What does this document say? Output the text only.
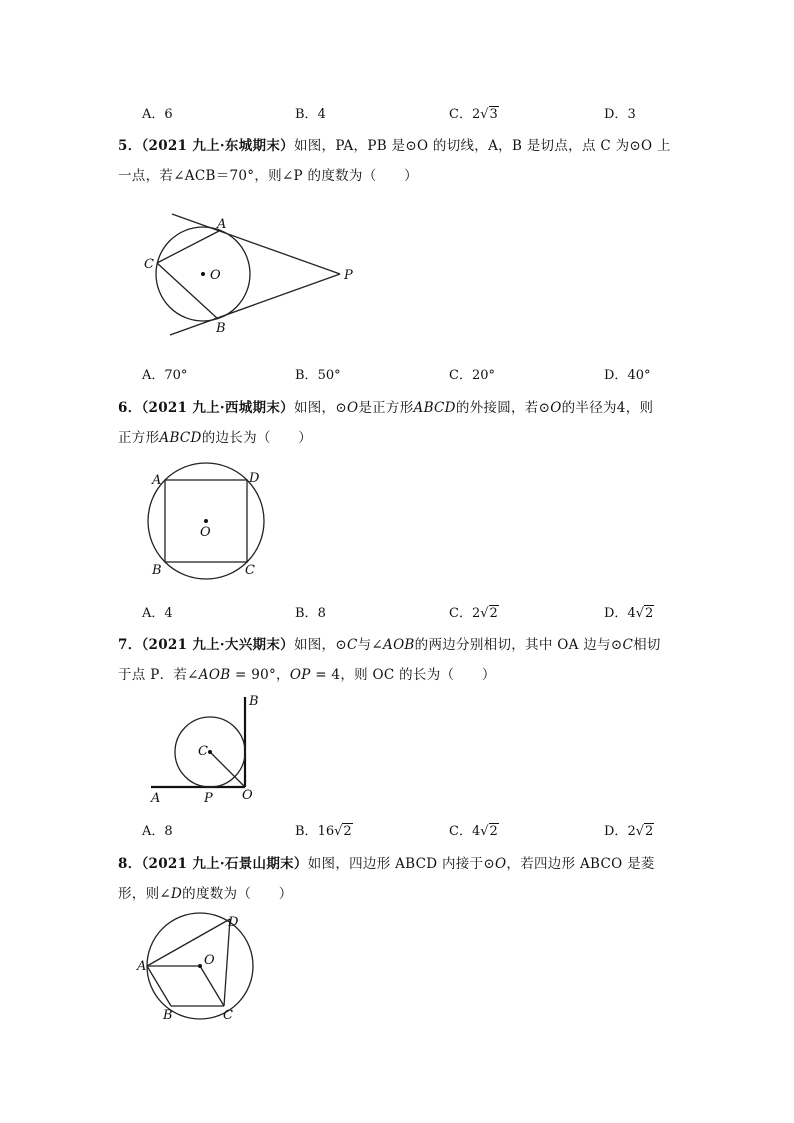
A．6	B．4	C．2√3	D．3
5．（2021 九上·东城期末）如图，PA，PB 是⊙O 的切线，A，B 是切点，点 C 为⊙O 上
一点，若∠ACB＝70°，则∠P 的度数为（　　）
A
B
C
O	P
A．70°	B．50°	C．20°	D．40°
6．（2021 九上·西城期末）如图，⊙O是正方形ABCD的外接圆，若⊙O的半径为4，则
正方形ABCD的边长为（　　）
A	D
B	C
O
A．4	B．8	C．2√2	D．4√2
7．（2021 九上·大兴期末）如图，⊙C与∠AOB的两边分别相切，其中 OA 边与⊙C相切
于点 P．若∠AOB = 90°，OP = 4，则 OC 的长为（　　）
B
C
A	P O
A．8	B．16√2	C．4√2	D．2√2
8．（2021 九上·石景山期末）如图，四边形 ABCD 内接于⊙O，若四边形 ABCO 是菱
形，则∠D的度数为（　　）
D
A	O
B	C
